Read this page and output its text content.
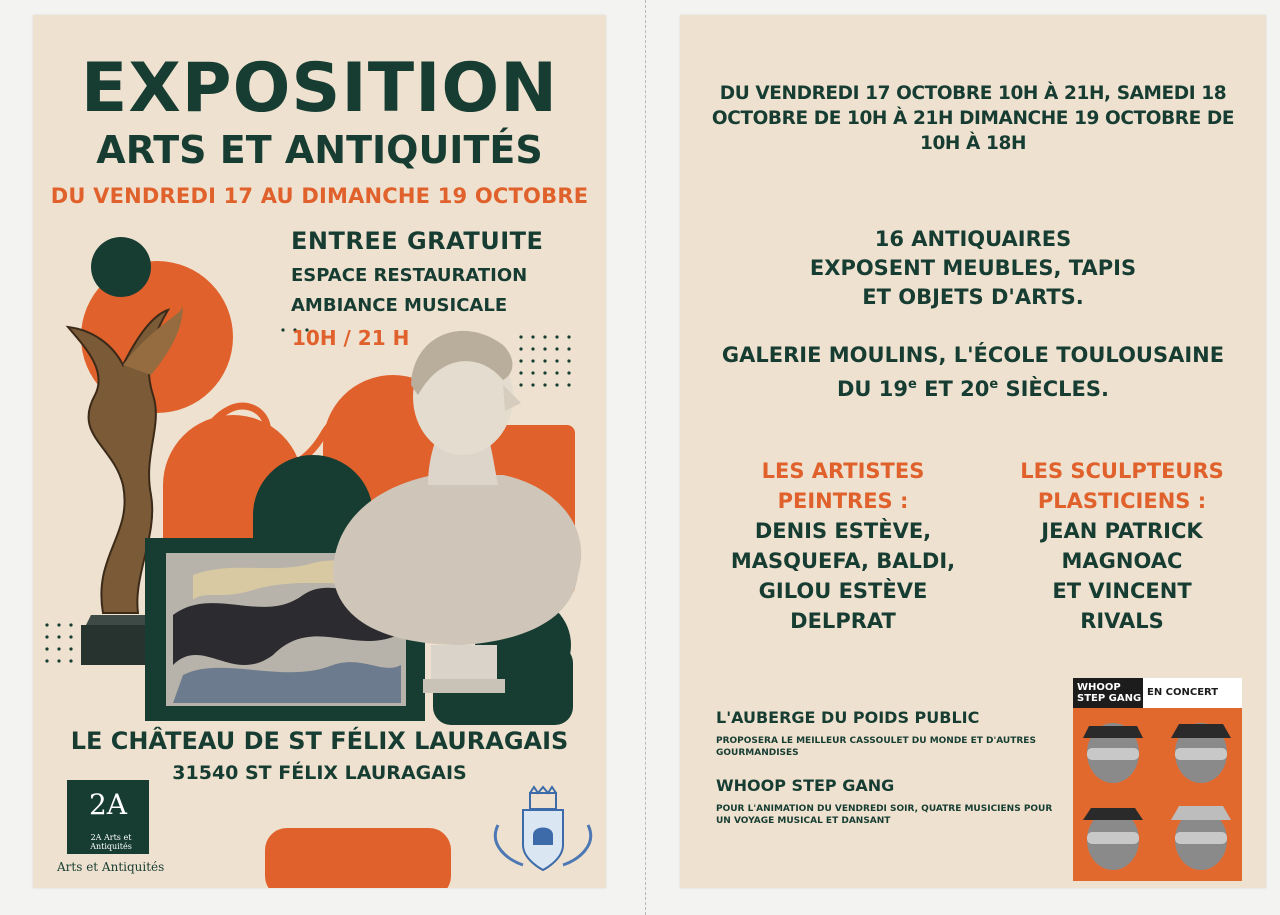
EXPOSITION
ARTS ET ANTIQUITÉS
DU VENDREDI 17 AU DIMANCHE 19 OCTOBRE
ENTREE GRATUITE
ESPACE RESTAURATION
AMBIANCE MUSICALE
10H / 21 H
LE CHÂTEAU DE ST FÉLIX LAURAGAIS
31540 ST FÉLIX LAURAGAIS
2A
2A Arts et Antiquités
Arts et Antiquités
DU VENDREDI 17 OCTOBRE 10H À 21H, SAMEDI 18 OCTOBRE DE 10H À 21H DIMANCHE 19 OCTOBRE DE 10H À 18H
16 ANTIQUAIRES
EXPOSENT MEUBLES, TAPIS
ET OBJETS D'ARTS.
GALERIE MOULINS, L'ÉCOLE TOULOUSAINE
DU 19e ET 20e SIÈCLES.
LES ARTISTES
PEINTRES :
DENIS ESTÈVE,
MASQUEFA, BALDI,
GILOU ESTÈVE
DELPRAT
LES SCULPTEURS
PLASTICIENS :
JEAN PATRICK
MAGNOAC
ET VINCENT
RIVALS
L'AUBERGE DU POIDS PUBLIC
PROPOSERA LE MEILLEUR CASSOULET DU MONDE ET D'AUTRES GOURMANDISES
WHOOP STEP GANG
POUR L'ANIMATION DU VENDREDI SOIR, QUATRE MUSICIENS POUR UN VOYAGE MUSICAL ET DANSANT
WHOOP
STEP GANG
EN CONCERT
